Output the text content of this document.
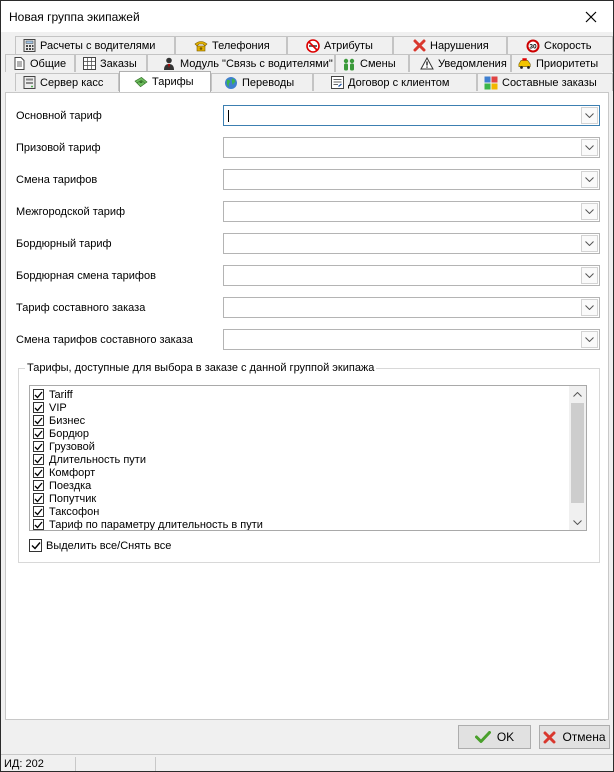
Новая группа экипажей
Расчеты с водителями	Телефония	Атрибуты	Нарушения	30 Скорость
Общие	Заказы	Модуль "Связь с водителями" Смены	Уведомления	Приоритеты
Сервер касс	Тарифы	Переводы	Договор с клиентом	Составные заказы
Основной тариф
Призовой тариф
Смена тарифов
Межгородской тариф
Бордюрный тариф
Бордюрная смена тарифов
Тариф составного заказа
Смена тарифов составного заказа
Тарифы, доступные для выбора в заказе с данной группой экипажа
Tariff
VIP
Бизнес
Бордюр
Грузовой
Длительность пути
Комфорт
Поездка
Попутчик
Таксофон
Тариф по параметру длительность в пути
Выделить все/Снять все
OK	Отмена
ИД: 202
